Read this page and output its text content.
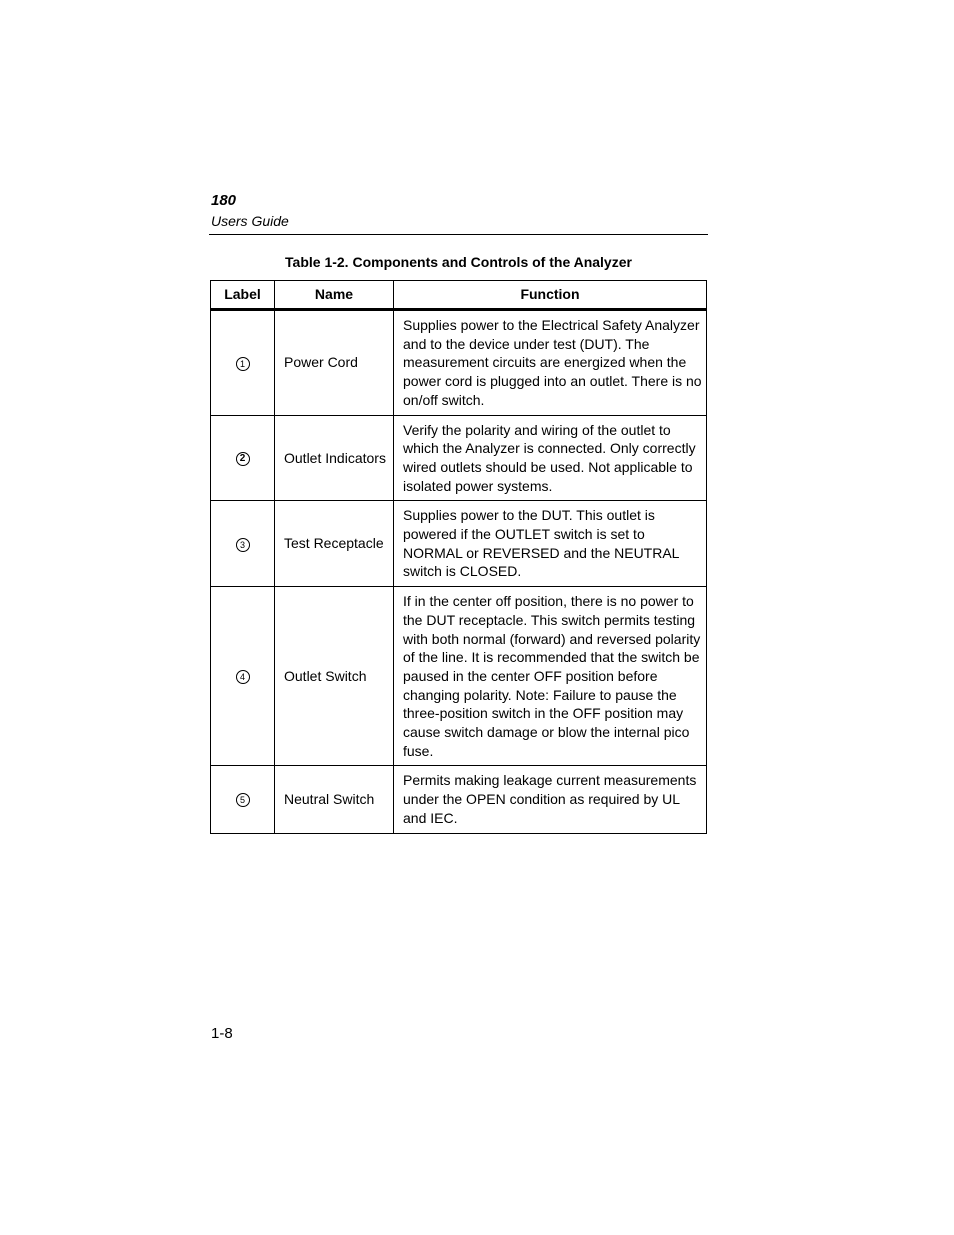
180
Users Guide
Table 1-2. Components and Controls of the Analyzer
Label	Name	Function
1	Power Cord	Supplies power to the Electrical Safety Analyzer and to the device under test (DUT). The measurement circuits are energized when the power cord is plugged into an outlet. There is no on/off switch.
2	Outlet Indicators	Verify the polarity and wiring of the outlet to which the Analyzer is connected. Only correctly wired outlets should be used. Not applicable to isolated power systems.
3	Test Receptacle	Supplies power to the DUT. This outlet is powered if the OUTLET switch is set to NORMAL or REVERSED and the NEUTRAL switch is CLOSED.
4	Outlet Switch	If in the center off position, there is no power to the DUT receptacle. This switch permits testing with both normal (forward) and reversed polarity of the line. It is recommended that the switch be paused in the center OFF position before changing polarity. Note: Failure to pause the three-position switch in the OFF position may cause switch damage or blow the internal pico fuse.
5	Neutral Switch	Permits making leakage current measurements under the OPEN condition as required by UL and IEC.
1-8
